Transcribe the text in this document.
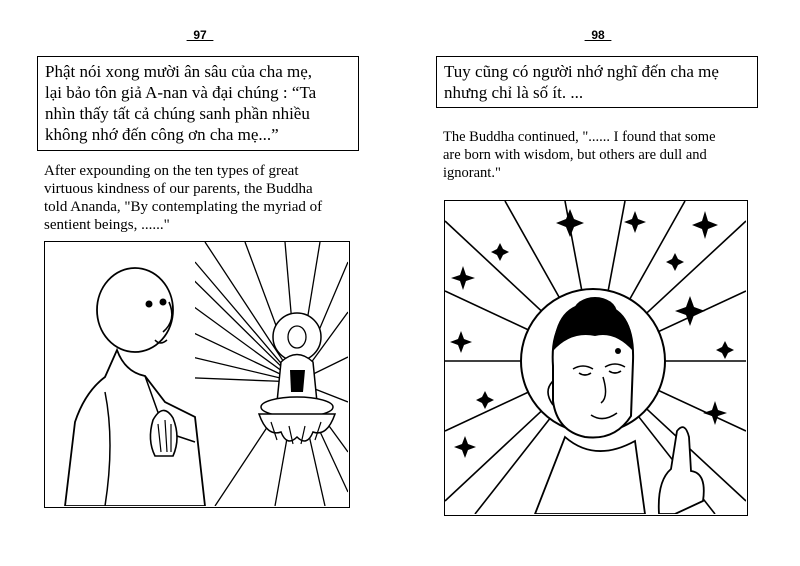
_97_
Phật nói xong mười ân sâu của cha mẹ,
lại bảo tôn giả A-nan và đại chúng : “Ta
nhìn thấy tất cả chúng sanh phần nhiều
không nhớ đến công ơn cha mẹ...”
After expounding on the ten types of great
virtuous kindness of our parents, the Buddha
told Ananda, "By contemplating the myriad of
sentient beings, ......"
_98_
Tuy cũng có người nhớ nghĩ đến cha mẹ
nhưng chỉ là số ít. ...
The Buddha continued, "...... I found that some
are born with wisdom, but others are dull and
ignorant."
